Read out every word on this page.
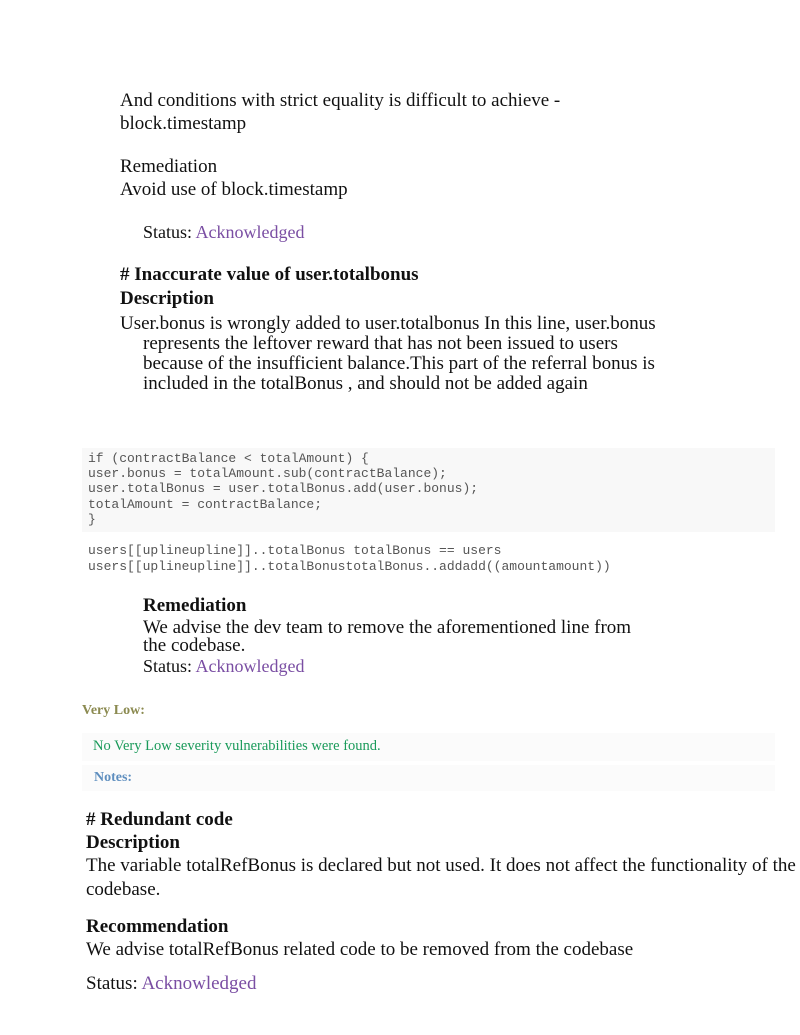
And conditions with strict equality is difficult to achieve -
block.timestamp
Remediation
Avoid use of block.timestamp
Status: Acknowledged
# Inaccurate value of user.totalbonus
Description
User.bonus is wrongly added to user.totalbonus In this line, user.bonus
represents the leftover reward that has not been issued to users
because of the insufficient balance.This part of the referral bonus is
included in the totalBonus , and should not be added again
if (contractBalance < totalAmount) {
user.bonus = totalAmount.sub(contractBalance);
user.totalBonus = user.totalBonus.add(user.bonus);
totalAmount = contractBalance;
}
users[[uplineupline]]..totalBonus totalBonus == users
users[[uplineupline]]..totalBonustotalBonus..addadd((amountamount))
Remediation
We advise the dev team to remove the aforementioned line from
the codebase.
Status: Acknowledged
Very Low:
No Very Low severity vulnerabilities were found.
Notes:
# Redundant code
Description
The variable totalRefBonus is declared but not used. It does not affect the functionality of the
codebase.
Recommendation
We advise totalRefBonus related code to be removed from the codebase
Status: Acknowledged
